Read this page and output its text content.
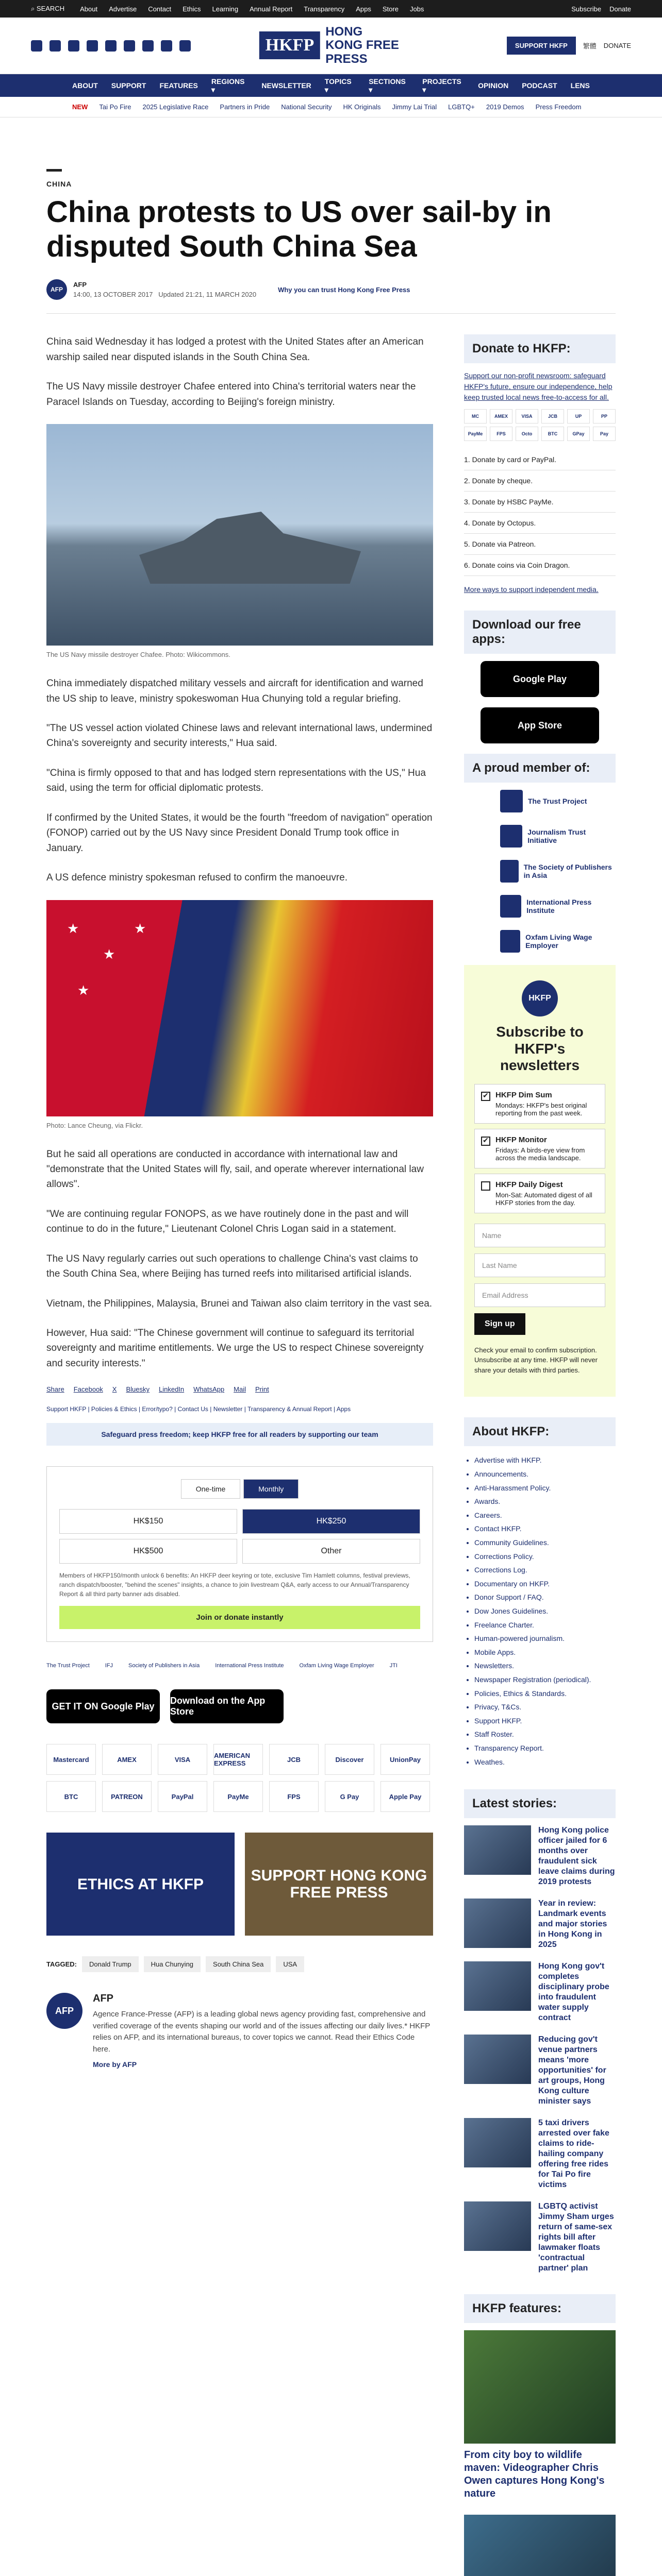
⌕ SEARCH About Advertise Contact Ethics Learning Annual Report Transparency Apps Store Jobs	Subscribe Donate
HKFP
HONG KONG FREE PRESS
SUPPORT HKFP	繁體 DONATE
ABOUT SUPPORT FEATURES
REGIONS ▾	NEWSLETTER
TOPICS ▾
SECTIONS ▾
PROJECTS ▾	OPINION PODCAST LENS
NEW Tai Po Fire 2025 Legislative Race Partners in Pride National Security HK Originals Jimmy Lai Trial LGBTQ+ 2019 Demos Press Freedom
CHINA
China protests to US over sail-by in disputed South China Sea
AFP
AFP
14:00, 13 OCTOBER 2017 Updated 21:21, 11 MARCH 2020
Why you can trust Hong Kong Free Press

China said Wednesday it has lodged a protest with the United States after an American warship sailed near disputed islands in the South China Sea.

The US Navy missile destroyer Chafee entered into China's territorial waters near the Paracel Islands on Tuesday, according to Beijing's foreign ministry.

The US Navy missile destroyer Chafee. Photo: Wikicommons.

China immediately dispatched military vessels and aircraft for identification and warned the US ship to leave, ministry spokeswoman Hua Chunying told a regular briefing.

"The US vessel action violated Chinese laws and relevant international laws, undermined China's sovereignty and security interests," Hua said.

"China is firmly opposed to that and has lodged stern representations with the US," Hua said, using the term for official diplomatic protests.

If confirmed by the United States, it would be the fourth "freedom of navigation" operation (FONOP) carried out by the US Navy since President Donald Trump took office in January.

A US defence ministry spokesman refused to confirm the manoeuvre.

★
★
★
★
Photo: Lance Cheung, via Flickr.

But he said all operations are conducted in accordance with international law and "demonstrate that the United States will fly, sail, and operate wherever international law allows".

"We are continuing regular FONOPS, as we have routinely done in the past and will continue to do in the future," Lieutenant Colonel Chris Logan said in a statement.

The US Navy regularly carries out such operations to challenge China's vast claims to the South China Sea, where Beijing has turned reefs into militarised artificial islands.

Vietnam, the Philippines, Malaysia, Brunei and Taiwan also claim territory in the vast sea.

However, Hua said: "The Chinese government will continue to safeguard its territorial sovereignty and maritime entitlements. We urge the US to respect Chinese sovereignty and security interests."

Share Facebook X Bluesky LinkedIn WhatsApp Mail Print
Support HKFP | Policies & Ethics | Error/typo? | Contact Us | Newsletter | Transparency & Annual Report | Apps
Safeguard press freedom; keep HKFP free for all readers by supporting our team
One-time	Monthly
HK$150	HK$250
HK$500	Other
Members of HKFP150/month unlock 6 benefits: An HKFP deer keyring or tote, exclusive Tim Hamlett columns, festival previews, ranch dispatch/booster, "behind the scenes" insights, a chance to join livestream Q&A, early access to our Annual/Transparency Report & all third party banner ads disabled.
Join or donate instantly
The Trust Project	IFJ	Society of Publishers in Asia	International Press Institute	Oxfam Living Wage Employer	JTI
GET IT ON Google Play
Download on the App Store
Mastercard	AMEX	VISA	AMERICAN EXPRESS	JCB	Discover	UnionPay
BTC	PATREON	PayPal	PayMe	FPS	G Pay	Apple Pay
ETHICS AT HKFP	SUPPORT HONG KONG FREE PRESS
TAGGED:	Donald Trump	Hua Chunying	South China Sea	USA
AFP
AFP

Agence France-Presse (AFP) is a leading global news agency providing fast, comprehensive and verified coverage of the events shaping our world and of the issues affecting our daily lives.* HKFP relies on AFP, and its international bureaus, to cover topics we cannot. Read their Ethics Code here.

More by AFP
Donate to HKFP:

Support our non-profit newsroom: safeguard HKFP's future, ensure our independence, help keep trusted local news free-to-access for all.

MC	AMEX	VISA	JCB	UP	PP
PayMe	FPS	Octo	BTC	GPay	Pay
1. Donate by card or PayPal.
2. Donate by cheque.
3. Donate by HSBC PayMe.
4. Donate by Octopus.
5. Donate via Patreon.
6. Donate coins via Coin Dragon.

More ways to support independent media.

Download our free apps:
Google Play
App Store
A proud member of:
The Trust Project
Journalism Trust Initiative
The Society of Publishers in Asia
International Press Institute
Oxfam Living Wage Employer
HKFP
Subscribe to HKFP's newsletters
✔
HKFP Dim Sum
Mondays: HKFP's best original reporting from the past week.
✔
HKFP Monitor
Fridays: A birds-eye view from across the media landscape.
HKFP Daily Digest
Mon-Sat: Automated digest of all HKFP stories from the day.
Name
Last Name
Email Address
Sign up

Check your email to confirm subscription. Unsubscribe at any time. HKFP will never share your details with third parties.

About HKFP:
• Advertise with HKFP.
• Announcements.
• Anti-Harassment Policy.
• Awards.
• Careers.
• Contact HKFP.
• Community Guidelines.
• Corrections Policy.
• Corrections Log.
• Documentary on HKFP.
• Donor Support / FAQ.
• Dow Jones Guidelines.
• Freelance Charter.
• Human-powered journalism.
• Mobile Apps.
• Newsletters.
• Newspaper Registration (periodical).
• Policies, Ethics & Standards.
• Privacy, T&Cs.
• Support HKFP.
• Staff Roster.
• Transparency Report.
• Weathes.
Latest stories:
Hong Kong police officer jailed for 6 months over fraudulent sick leave claims during 2019 protests
Year in review: Landmark events and major stories in Hong Kong in 2025
Hong Kong gov't completes disciplinary probe into fraudulent water supply contract
Reducing gov't venue partners means 'more opportunities' for art groups, Hong Kong culture minister says
5 taxi drivers arrested over fake claims to ride-hailing company offering free rides for Tai Po fire victims
LGBTQ activist Jimmy Sham urges return of same-sex rights bill after lawmaker floats 'contractual partner' plan
HKFP features:
From city boy to wildlife maven: Videographer Chris Owen captures Hong Kong's nature
